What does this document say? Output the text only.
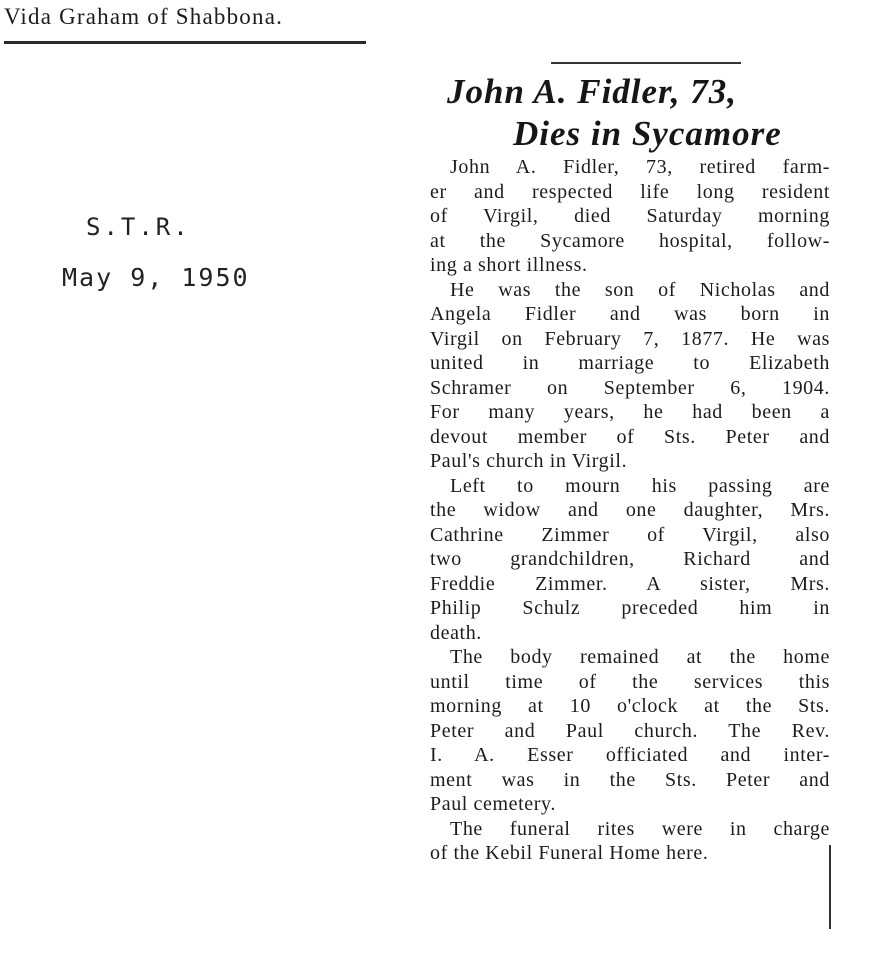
Vida Graham of Shabbona.
John A. Fidler, 73,
Dies in Sycamore
S.T.R.
May 9, 1950
John A. Fidler, 73, retired farm-
er and respected life long resident
of Virgil, died Saturday morning
at the Sycamore hospital, follow-
ing a short illness.
He was the son of Nicholas and
Angela Fidler and was born in
Virgil on February 7, 1877. He was
united in marriage to Elizabeth
Schramer on September 6, 1904.
For many years, he had been a
devout member of Sts. Peter and
Paul's church in Virgil.
Left to mourn his passing are
the widow and one daughter, Mrs.
Cathrine Zimmer of Virgil, also
two grandchildren, Richard and
Freddie Zimmer. A sister, Mrs.
Philip Schulz preceded him in
death.
The body remained at the home
until time of the services this
morning at 10 o'clock at the Sts.
Peter and Paul church. The Rev.
I. A. Esser officiated and inter-
ment was in the Sts. Peter and
Paul cemetery.
The funeral rites were in charge
of the Kebil Funeral Home here.
